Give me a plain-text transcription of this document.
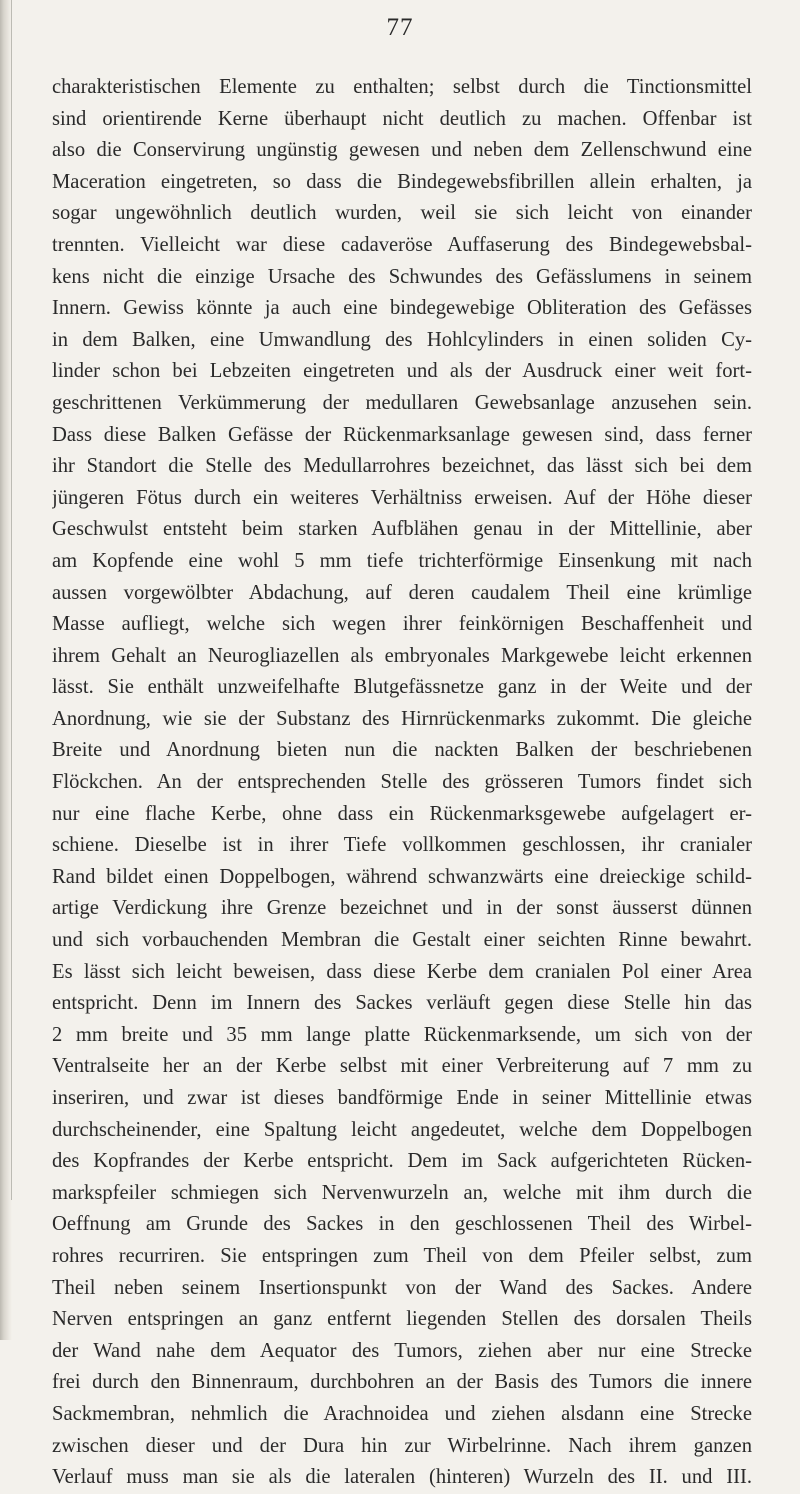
77
charakteristischen Elemente zu enthalten; selbst durch die Tinctionsmittel
sind orientirende Kerne überhaupt nicht deutlich zu machen. Offenbar ist
also die Conservirung ungünstig gewesen und neben dem Zellenschwund eine
Maceration eingetreten, so dass die Bindegewebsfibrillen allein erhalten, ja
sogar ungewöhnlich deutlich wurden, weil sie sich leicht von einander
trennten. Vielleicht war diese cadaveröse Auffaserung des Bindegewebsbal-
kens nicht die einzige Ursache des Schwundes des Gefässlumens in seinem
Innern. Gewiss könnte ja auch eine bindegewebige Obliteration des Gefässes
in dem Balken, eine Umwandlung des Hohlcylinders in einen soliden Cy-
linder schon bei Lebzeiten eingetreten und als der Ausdruck einer weit fort-
geschrittenen Verkümmerung der medullaren Gewebsanlage anzusehen sein.
Dass diese Balken Gefässe der Rückenmarksanlage gewesen sind, dass ferner
ihr Standort die Stelle des Medullarrohres bezeichnet, das lässt sich bei dem
jüngeren Fötus durch ein weiteres Verhältniss erweisen. Auf der Höhe dieser
Geschwulst entsteht beim starken Aufblähen genau in der Mittellinie, aber
am Kopfende eine wohl 5 mm tiefe trichterförmige Einsenkung mit nach
aussen vorgewölbter Abdachung, auf deren caudalem Theil eine krümlige
Masse aufliegt, welche sich wegen ihrer feinkörnigen Beschaffenheit und
ihrem Gehalt an Neurogliazellen als embryonales Markgewebe leicht erkennen
lässt. Sie enthält unzweifelhafte Blutgefässnetze ganz in der Weite und der
Anordnung, wie sie der Substanz des Hirnrückenmarks zukommt. Die gleiche
Breite und Anordnung bieten nun die nackten Balken der beschriebenen
Flöckchen. An der entsprechenden Stelle des grösseren Tumors findet sich
nur eine flache Kerbe, ohne dass ein Rückenmarksgewebe aufgelagert er-
schiene. Dieselbe ist in ihrer Tiefe vollkommen geschlossen, ihr cranialer
Rand bildet einen Doppelbogen, während schwanzwärts eine dreieckige schild-
artige Verdickung ihre Grenze bezeichnet und in der sonst äusserst dünnen
und sich vorbauchenden Membran die Gestalt einer seichten Rinne bewahrt.
Es lässt sich leicht beweisen, dass diese Kerbe dem cranialen Pol einer Area
entspricht. Denn im Innern des Sackes verläuft gegen diese Stelle hin das
2 mm breite und 35 mm lange platte Rückenmarksende, um sich von der
Ventralseite her an der Kerbe selbst mit einer Verbreiterung auf 7 mm zu
inseriren, und zwar ist dieses bandförmige Ende in seiner Mittellinie etwas
durchscheinender, eine Spaltung leicht angedeutet, welche dem Doppelbogen
des Kopfrandes der Kerbe entspricht. Dem im Sack aufgerichteten Rücken-
markspfeiler schmiegen sich Nervenwurzeln an, welche mit ihm durch die
Oeffnung am Grunde des Sackes in den geschlossenen Theil des Wirbel-
rohres recurriren. Sie entspringen zum Theil von dem Pfeiler selbst, zum
Theil neben seinem Insertionspunkt von der Wand des Sackes. Andere
Nerven entspringen an ganz entfernt liegenden Stellen des dorsalen Theils
der Wand nahe dem Aequator des Tumors, ziehen aber nur eine Strecke
frei durch den Binnenraum, durchbohren an der Basis des Tumors die innere
Sackmembran, nehmlich die Arachnoidea und ziehen alsdann eine Strecke
zwischen dieser und der Dura hin zur Wirbelrinne. Nach ihrem ganzen
Verlauf muss man sie als die lateralen (hinteren) Wurzeln des II. und III.
